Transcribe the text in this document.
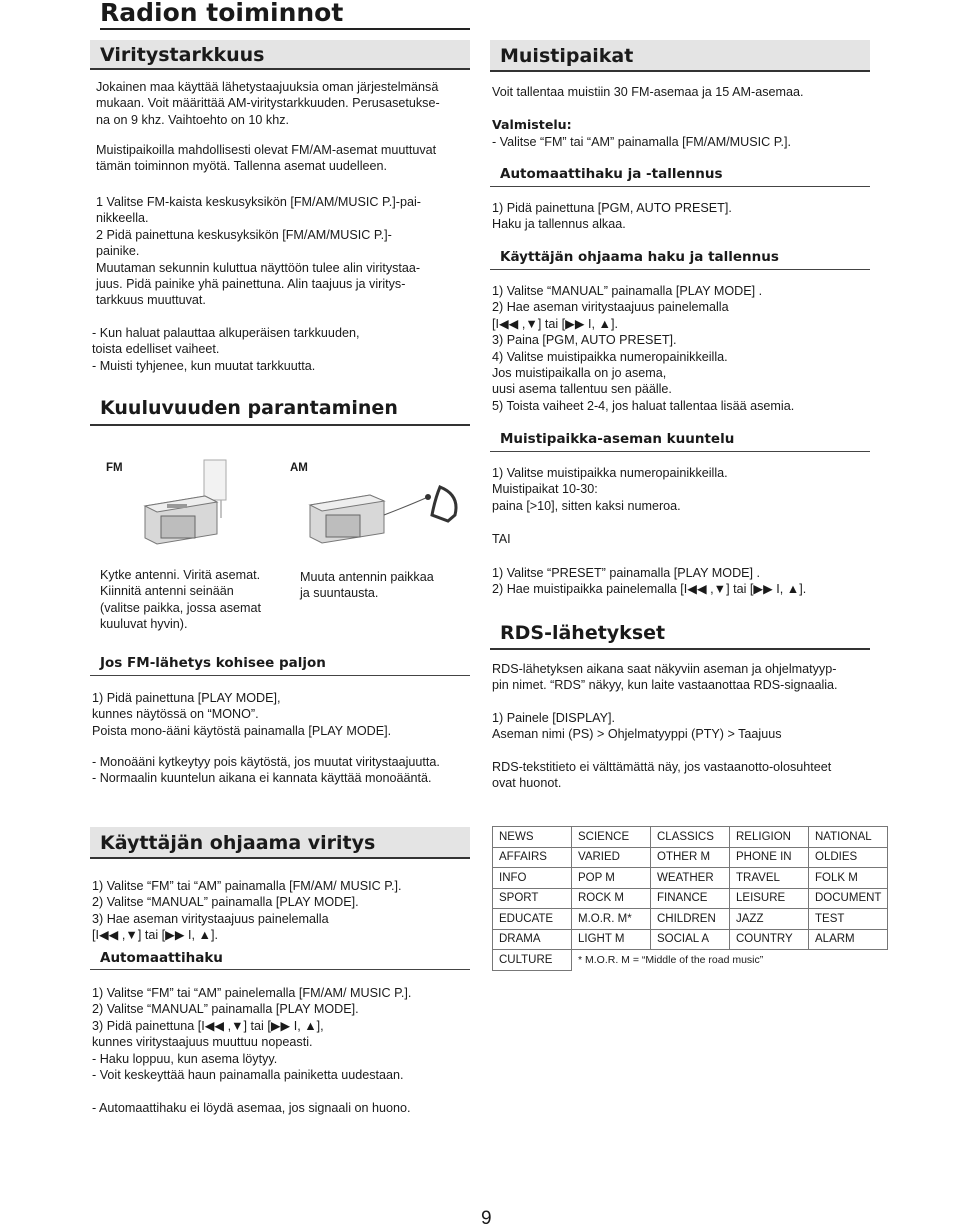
Radion toiminnot
Viritystarkkuus
Jokainen maa käyttää lähetystaajuuksia oman järjestelmänsä
mukaan. Voit määrittää AM-viritystarkkuuden. Perusasetukse-
na on 9 khz. Vaihtoehto on 10 khz.
Muistipaikoilla mahdollisesti olevat FM/AM-asemat muuttuvat
tämän toiminnon myötä. Tallenna asemat uudelleen.
1 Valitse FM-kaista keskusyksikön [FM/AM/MUSIC P.]-pai-
nikkeella.
2 Pidä painettuna keskusyksikön [FM/AM/MUSIC P.]-
painike.
Muutaman sekunnin kuluttua näyttöön tulee alin viritystaa-
juus. Pidä painike yhä painettuna. Alin taajuus ja viritys-
tarkkuus muuttuvat.
- Kun haluat palauttaa alkuperäisen tarkkuuden,
toista edelliset vaiheet.
- Muisti tyhjenee, kun muutat tarkkuutta.
Kuuluvuuden parantaminen
FM	AM
Kytke antenni. Viritä asemat.
Kiinnitä antenni seinään
(valitse paikka, jossa asemat
kuuluvat hyvin).
Muuta antennin paikkaa
ja suuntausta.
Jos FM-lähetys kohisee paljon
1) Pidä painettuna [PLAY MODE],
kunnes näytössä on “MONO”.
Poista mono-ääni käytöstä painamalla [PLAY MODE].
- Monoääni kytkeytyy pois käytöstä, jos muutat viritystaajuutta.
- Normaalin kuuntelun aikana ei kannata käyttää monoääntä.
Käyttäjän ohjaama viritys
1) Valitse “FM” tai “AM” painamalla [FM/AM/ MUSIC P.].
2) Valitse “MANUAL” painamalla [PLAY MODE].
3) Hae aseman viritystaajuus painelemalla
[I◀◀ ,▼] tai [▶▶ I, ▲].
Automaattihaku
1) Valitse “FM” tai “AM” painelemalla [FM/AM/ MUSIC P.].
2) Valitse “MANUAL” painamalla [PLAY MODE].
3) Pidä painettuna [I◀◀ ,▼] tai [▶▶ I, ▲],
kunnes viritystaajuus muuttuu nopeasti.
- Haku loppuu, kun asema löytyy.
- Voit keskeyttää haun painamalla painiketta uudestaan.
- Automaattihaku ei löydä asemaa, jos signaali on huono.
Muistipaikat
Voit tallentaa muistiin 30 FM-asemaa ja 15 AM-asemaa.
Valmistelu:
- Valitse “FM” tai “AM” painamalla [FM/AM/MUSIC P.].
Automaattihaku ja -tallennus
1) Pidä painettuna [PGM, AUTO PRESET].
Haku ja tallennus alkaa.
Käyttäjän ohjaama haku ja tallennus
1) Valitse “MANUAL” painamalla [PLAY MODE] .
2) Hae aseman viritystaajuus painelemalla
[I◀◀ ,▼] tai [▶▶ I, ▲].
3) Paina [PGM, AUTO PRESET].
4) Valitse muistipaikka numeropainikkeilla.
Jos muistipaikalla on jo asema,
uusi asema tallentuu sen päälle.
5) Toista vaiheet 2-4, jos haluat tallentaa lisää asemia.
Muistipaikka-aseman kuuntelu
1) Valitse muistipaikka numeropainikkeilla.
Muistipaikat 10-30:
paina [>10], sitten kaksi numeroa.
TAI
1) Valitse “PRESET” painamalla [PLAY MODE] .
2) Hae muistipaikka painelemalla [I◀◀ ,▼] tai [▶▶ I, ▲].
RDS-lähetykset
RDS-lähetyksen aikana saat näkyviin aseman ja ohjelmatyyp-
pin nimet. “RDS” näkyy, kun laite vastaanottaa RDS-signaalia.
1) Painele [DISPLAY].
Aseman nimi (PS) > Ohjelmatyyppi (PTY) > Taajuus
RDS-tekstitieto ei välttämättä näy, jos vastaanotto-olosuhteet
ovat huonot.
NEWS	SCIENCE	CLASSICS	RELIGION	NATIONAL
AFFAIRS	VARIED	OTHER M	PHONE IN	OLDIES
INFO	POP M	WEATHER	TRAVEL	FOLK M
SPORT	ROCK M	FINANCE	LEISURE	DOCUMENT
EDUCATE	M.O.R. M*	CHILDREN	JAZZ	TEST
DRAMA	LIGHT M	SOCIAL A	COUNTRY	ALARM
CULTURE	* M.O.R. M = “Middle of the road music”			
9
